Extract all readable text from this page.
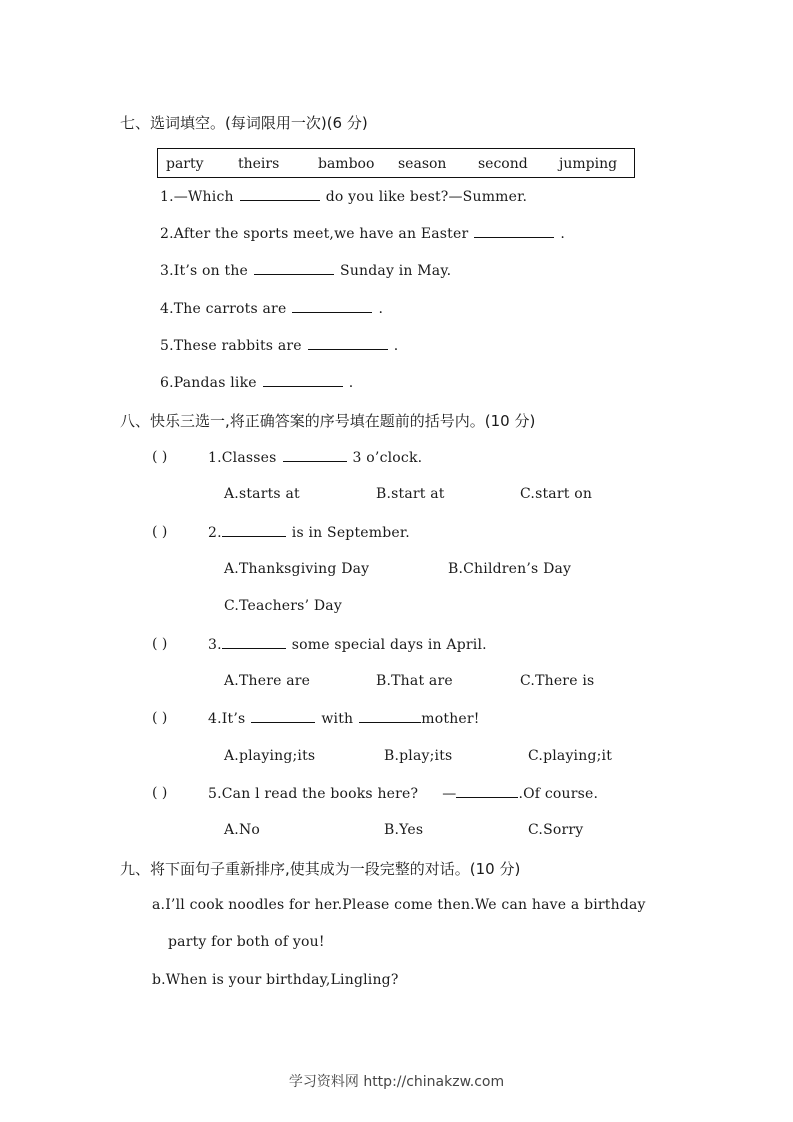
七、选词填空。(每词限用一次)(6 分)
party theirs	bamboo season second jumping
1.—Which	do you like best?—Summer.
2.After the sports meet,we have an Easter	.
3.It’s on the	Sunday in May.
4.The carrots are	.
5.These rabbits are	.
6.Pandas like	.
八、快乐三选一,将正确答案的序号填在题前的括号内。(10 分)
( )	1.Classes	3 o’clock.
A.starts at	B.start at	C.start on
( )	2.	is in September.
A.Thanksgiving Day	B.Children’s Day
C.Teachers’ Day
( )	3.	some special days in April.
A.There are	B.That are	C.There is
( )	4.It’s	with	mother!
A.playing;its	B.play;its	C.playing;it
( )	5.Can l read the books here? —	.Of course.
A.No	B.Yes	C.Sorry
九、将下面句子重新排序,使其成为一段完整的对话。(10 分)
a.I’ll cook noodles for her.Please come then.We can have a birthday
party for both of you!
b.When is your birthday,Lingling?
学习资料网 http://chinakzw.com
